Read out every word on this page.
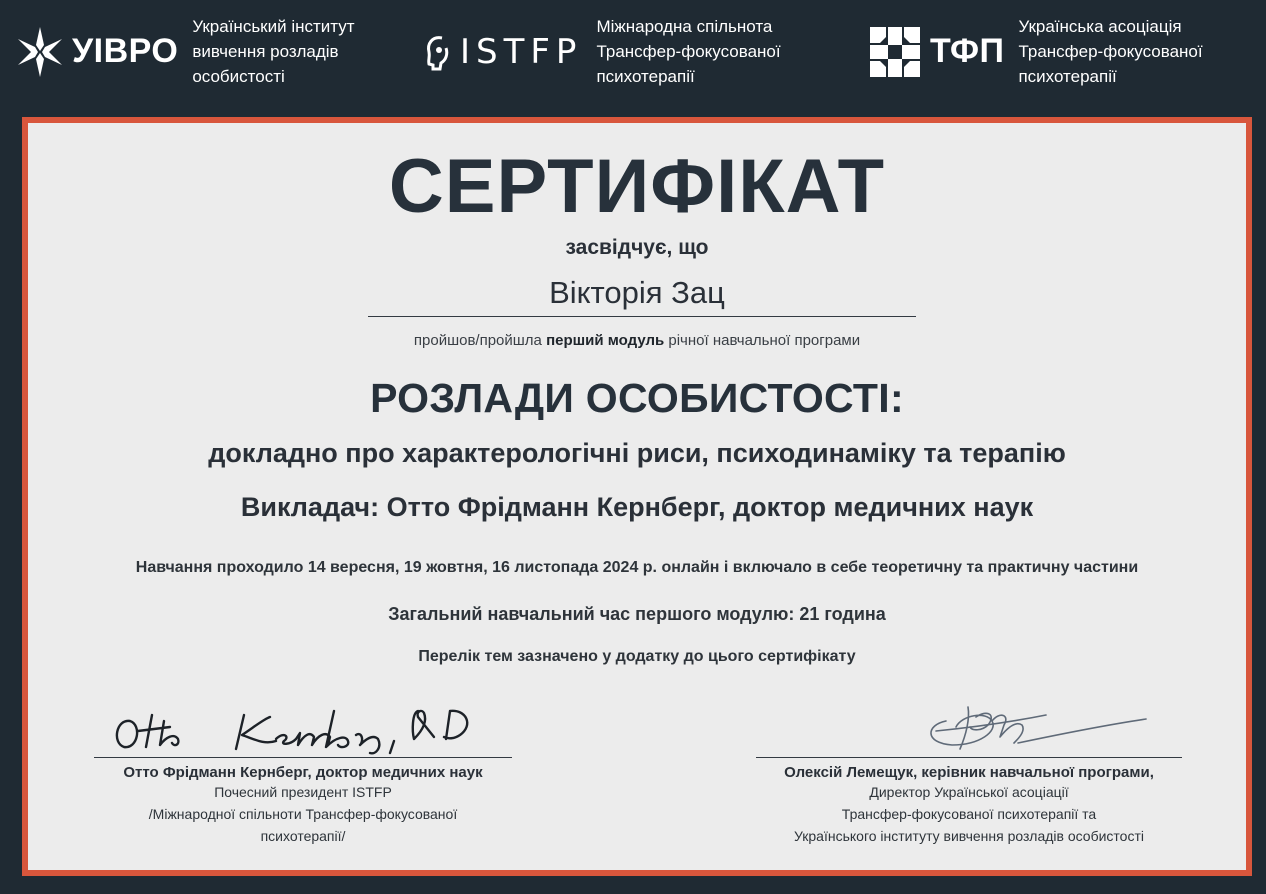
УІВРО
Український інститут
вивчення розладів
особистості
ISTFP
Міжнародна спільнота
Трансфер-фокусованої
психотерапії
ТФП
Українська асоціація
Трансфер-фокусованої
психотерапії
СЕРТИФІКАТ
засвідчує, що
Вікторія Зац
пройшов/пройшла перший модуль річної навчальної програми
РОЗЛАДИ ОСОБИСТОСТІ:
докладно про характерологічні риси, психодинаміку та терапію
Викладач: Отто Фрідманн Кернберг, доктор медичних наук
Навчання проходило 14 вересня, 19 жовтня, 16 листопада 2024 р. онлайн і включало в себе теоретичну та практичну частини
Загальний навчальний час першого модулю: 21 година
Перелік тем зазначено у додатку до цього сертифікату
Отто Фрідманн Кернберг, доктор медичних наук
Почесний президент ISTFP
/Міжнародної спільноти Трансфер-фокусованої
психотерапії/
Олексій Лемещук, керівник навчальної програми,
Директор Української асоціації
Трансфер-фокусованої психотерапії та
Українського інституту вивчення розладів особистості
